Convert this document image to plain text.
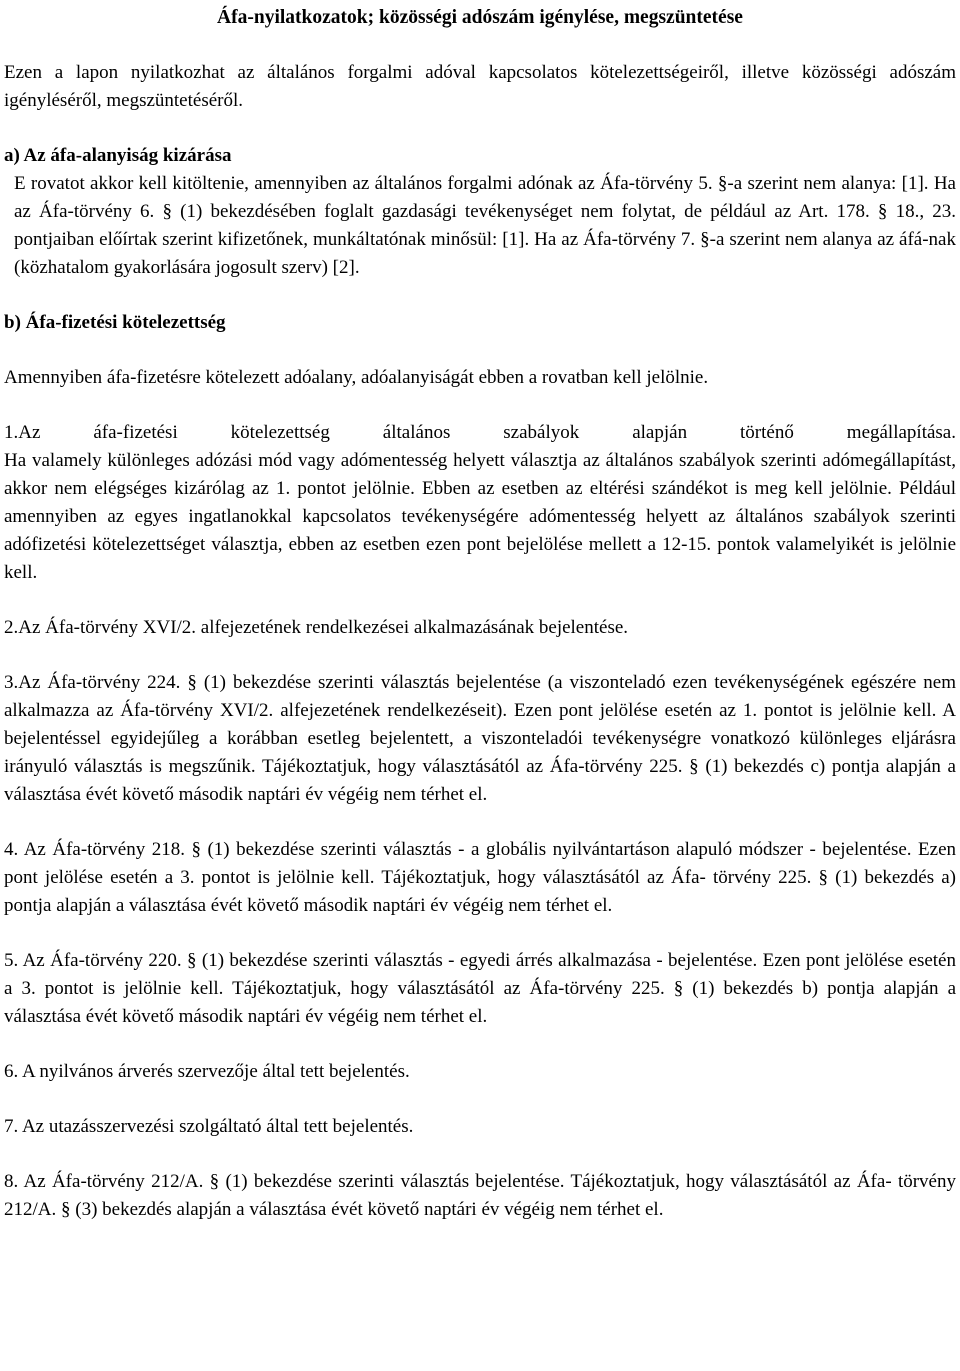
Áfa-nyilatkozatok; közösségi adószám igénylése, megszüntetése

Ezen a lapon nyilatkozhat az általános forgalmi adóval kapcsolatos kötelezettségeiről, illetve közösségi adószám igényléséről, megszüntetéséről.

a) Az áfa-alanyiság kizárása

E rovatot akkor kell kitöltenie, amennyiben az általános forgalmi adónak az Áfa-törvény 5. §-a szerint nem alanya: [1]. Ha az Áfa-törvény 6. § (1) bekezdésében foglalt gazdasági tevékenységet nem folytat, de például az Art. 178. § 18., 23. pontjaiban előírtak szerint kifizetőnek, munkáltatónak minősül: [1]. Ha az Áfa-törvény 7. §-a szerint nem alanya az áfá-nak (közhatalom gyakorlására jogosult szerv) [2].

b) Áfa-fizetési kötelezettség

Amennyiben áfa-fizetésre kötelezett adóalany, adóalanyiságát ebben a rovatban kell jelölnie.

1.Az áfa-fizetési kötelezettség általános szabályok alapján történő megállapítása.

Ha valamely különleges adózási mód vagy adómentesség helyett választja az általános szabályok szerinti adómegállapítást, akkor nem elégséges kizárólag az 1. pontot jelölnie. Ebben az esetben az eltérési szándékot is meg kell jelölnie. Például amennyiben az egyes ingatlanokkal kapcsolatos tevékenységére adómentesség helyett az általános szabályok szerinti adófizetési kötelezettséget választja, ebben az esetben ezen pont bejelölése mellett a 12-15. pontok valamelyikét is jelölnie kell.

2.Az Áfa-törvény XVI/2. alfejezetének rendelkezései alkalmazásának bejelentése.

3.Az Áfa-törvény 224. § (1) bekezdése szerinti választás bejelentése (a viszonteladó ezen tevékenységének egészére nem alkalmazza az Áfa-törvény XVI/2. alfejezetének rendelkezéseit). Ezen pont jelölése esetén az 1. pontot is jelölnie kell. A bejelentéssel egyidejűleg a korábban esetleg bejelentett, a viszonteladói tevékenységre vonatkozó különleges eljárásra irányuló választás is megszűnik. Tájékoztatjuk, hogy választásától az Áfa-törvény 225. § (1) bekezdés c) pontja alapján a választása évét követő második naptári év végéig nem térhet el.

4. Az Áfa-törvény 218. § (1) bekezdése szerinti választás - a globális nyilvántartáson alapuló módszer - bejelentése. Ezen pont jelölése esetén a 3. pontot is jelölnie kell. Tájékoztatjuk, hogy választásától az Áfa- törvény 225. § (1) bekezdés a) pontja alapján a választása évét követő második naptári év végéig nem térhet el.

5. Az Áfa-törvény 220. § (1) bekezdése szerinti választás - egyedi árrés alkalmazása - bejelentése. Ezen pont jelölése esetén a 3. pontot is jelölnie kell. Tájékoztatjuk, hogy választásától az Áfa-törvény 225. § (1) bekezdés b) pontja alapján a választása évét követő második naptári év végéig nem térhet el.

6. A nyilvános árverés szervezője által tett bejelentés.

7. Az utazásszervezési szolgáltató által tett bejelentés.

8. Az Áfa-törvény 212/A. § (1) bekezdése szerinti választás bejelentése. Tájékoztatjuk, hogy választásától az Áfa- törvény 212/A. § (3) bekezdés alapján a választása évét követő naptári év végéig nem térhet el.
